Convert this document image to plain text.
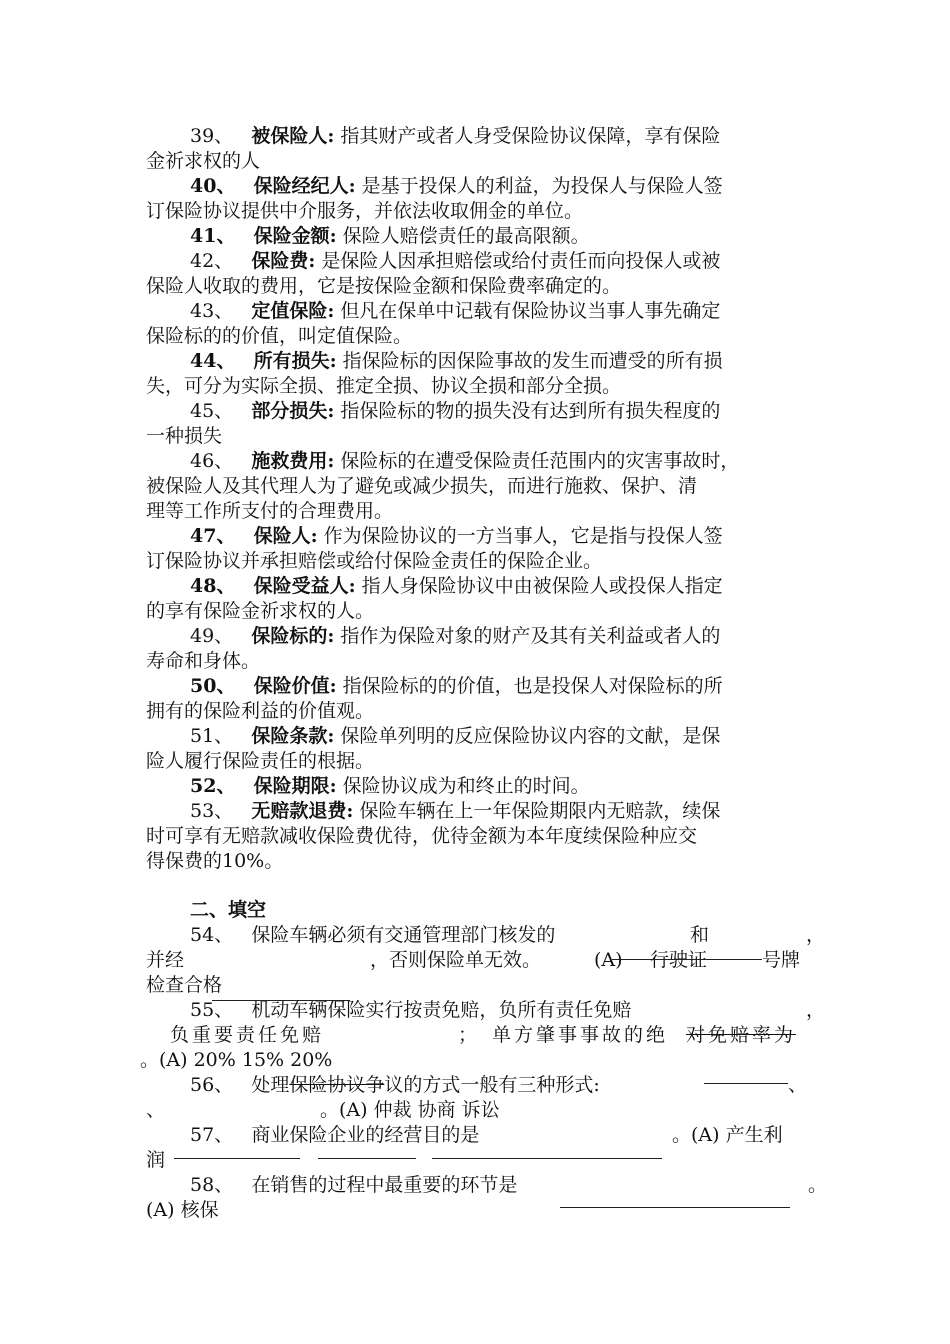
39、 被保险人: 指其财产或者人身受保险协议保障，享有保险
金祈求权的人
40、 保险经纪人: 是基于投保人的利益，为投保人与保险人签
订保险协议提供中介服务，并依法收取佣金的单位。
41、 保险金额: 保险人赔偿责任的最高限额。
42、 保险费: 是保险人因承担赔偿或给付责任而向投保人或被
保险人收取的费用，它是按保险金额和保险费率确定的。
43、 定值保险: 但凡在保单中记载有保险协议当事人事先确定
保险标的的价值，叫定值保险。
44、 所有损失: 指保险标的因保险事故的发生而遭受的所有损
失，可分为实际全损、推定全损、协议全损和部分全损。
45、 部分损失: 指保险标的物的损失没有达到所有损失程度的
一种损失
46、 施救费用: 保险标的在遭受保险责任范围内的灾害事故时，
被保险人及其代理人为了避免或减少损失，而进行施救、保护、清
理等工作所支付的合理费用。
47、 保险人: 作为保险协议的一方当事人，它是指与投保人签
订保险协议并承担赔偿或给付保险金责任的保险企业。
48、 保险受益人: 指人身保险协议中由被保险人或投保人指定
的享有保险金祈求权的人。
49、 保险标的: 指作为保险对象的财产及其有关利益或者人的
寿命和身体。
50、 保险价值: 指保险标的的价值，也是投保人对保险标的所
拥有的保险利益的价值观。
51、 保险条款: 保险单列明的反应保险协议内容的文献，是保
险人履行保险责任的根据。
52、 保险期限: 保险协议成为和终止的时间。
53、 无赔款退费: 保险车辆在上一年保险期限内无赔款，续保
时可享有无赔款减收保险费优待，优待金额为本年度续保险种应交
得保费的10%。
二、填空
54、 保险车辆必须有交通管理部门核发的	和	，
并经	，否则保险单无效。	(A) 行驶证	号牌
检查合格
55、 机动车辆保险实行按责免赔，负所有责任免赔	，
负重要责任免赔	； 单方肇事事故的绝 对免赔率为
。(A) 20% 15% 20%
56、 处理保险协议争议的方式一般有三种形式:	、
、	。(A) 仲裁 协商 诉讼
57、 商业保险企业的经营目的是	。(A) 产生利
润
58、 在销售的过程中最重要的环节是	。
(A) 核保
